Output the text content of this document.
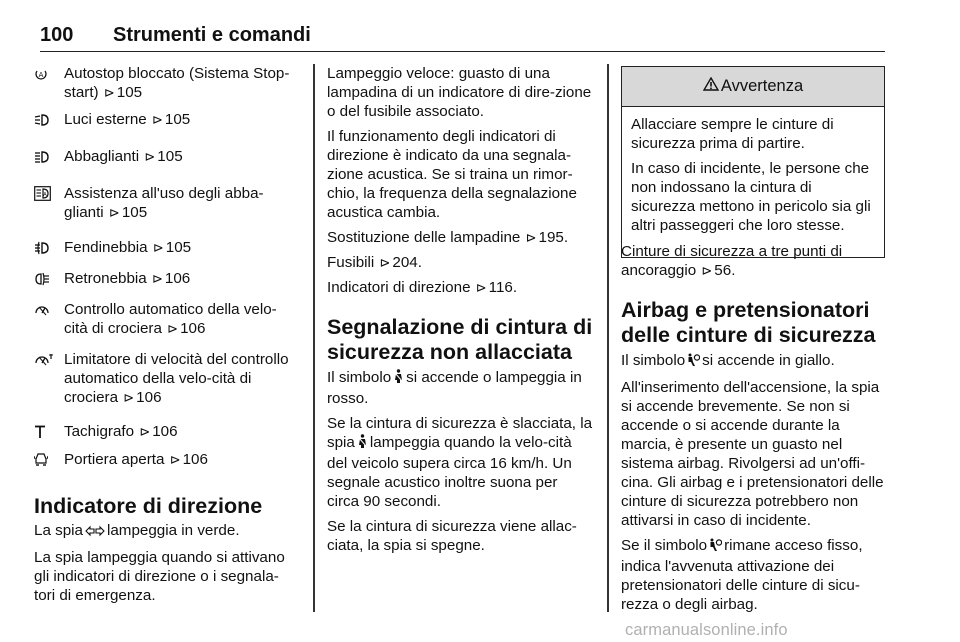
100 Strumenti e comandi
A Autostop bloccato (Sistema Stop-start) ⊳ 105
Luci esterne ⊳ 105
Abbaglianti ⊳ 105
A Assistenza all'uso degli abba-glianti ⊳ 105
Fendinebbia ⊳ 105
Retronebbia ⊳ 106
Controllo automatico della velo-cità di crociera ⊳ 106
Limitatore di velocità del controllo automatico della velo-cità di crociera ⊳ 106
Tachigrafo ⊳ 106
Portiera aperta ⊳ 106
Indicatore di direzione

La spia lampeggia in verde.

La spia lampeggia quando si attivano gli indicatori di direzione o i segnala-tori di emergenza.

Lampeggio veloce: guasto di una lampadina di un indicatore di dire-zione o del fusibile associato.

Il funzionamento degli indicatori di direzione è indicato da una segnala-zione acustica. Se si traina un rimor-chio, la frequenza della segnalazione acustica cambia.

Sostituzione delle lampadine ⊳ 195.

Fusibili ⊳ 204.

Indicatori di direzione ⊳ 116.

Segnalazione di cintura di sicurezza non allacciata

Il simbolo si accende o lampeggia in rosso.

Se la cintura di sicurezza è slacciata, la spia lampeggia quando la velo-cità del veicolo supera circa 16 km/h. Un segnale acustico inoltre suona per circa 90 secondi.

Se la cintura di sicurezza viene allac-ciata, la spia si spegne.

Avvertenza

Allacciare sempre le cinture di sicurezza prima di partire.

In caso di incidente, le persone che non indossano la cintura di sicurezza mettono in pericolo sia gli altri passeggeri che loro stesse.

Cinture di sicurezza a tre punti di ancoraggio ⊳ 56.

Airbag e pretensionatori delle cinture di sicurezza

Il simbolo si accende in giallo.

All'inserimento dell'accensione, la spia si accende brevemente. Se non si accende o si accende durante la marcia, è presente un guasto nel sistema airbag. Rivolgersi ad un'offi-cina. Gli airbag e i pretensionatori delle cinture di sicurezza potrebbero non attivarsi in caso di incidente.

Se il simbolo rimane acceso fisso, indica l'avvenuta attivazione dei pretensionatori delle cinture di sicu-rezza o degli airbag.

carmanualsonline.info
